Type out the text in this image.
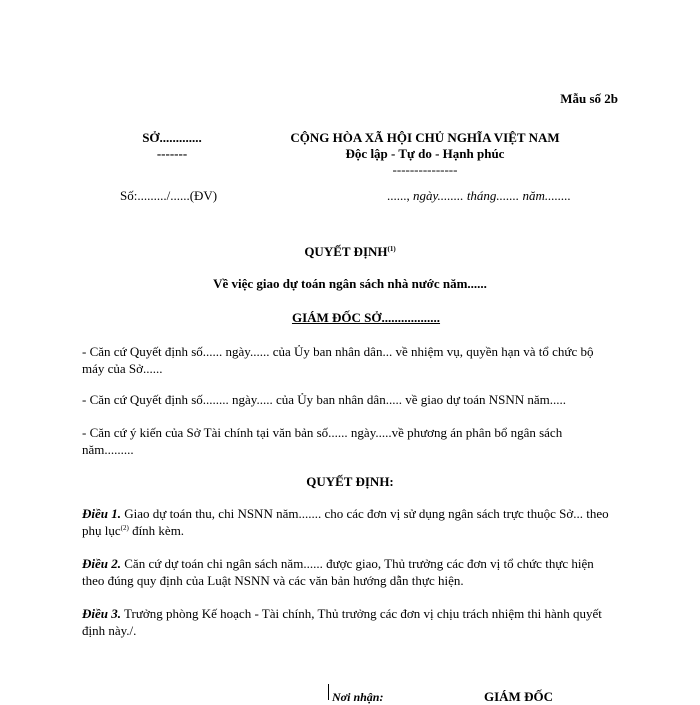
Mẫu số 2b
SỞ.............
-------
CỘNG HÒA XÃ HỘI CHỦ NGHĨA VIỆT NAM
Độc lập - Tự do - Hạnh phúc
---------------
Số:........./......(ĐV)	......, ngày........ tháng....... năm........
QUYẾT ĐỊNH$^{(1)}$
Về việc giao dự toán ngân sách nhà nước năm......
GIÁM ĐỐC SỞ..................
- Căn cứ Quyết định số...... ngày...... của Ủy ban nhân dân... về nhiệm vụ, quyền hạn và tổ chức bộ máy của Sở......
- Căn cứ Quyết định số........ ngày..... của Ủy ban nhân dân..... về giao dự toán NSNN năm.....
- Căn cứ ý kiến của Sở Tài chính tại văn bản số...... ngày.....về phương án phân bổ ngân sách năm.........
QUYẾT ĐỊNH:
Điều 1. Giao dự toán thu, chi NSNN năm....... cho các đơn vị sử dụng ngân sách trực thuộc Sở... theo phụ lục$^{(2)}$ đính kèm.
Điều 2. Căn cứ dự toán chi ngân sách năm...... được giao, Thủ trưởng các đơn vị tổ chức thực hiện theo đúng quy định của Luật NSNN và các văn bản hướng dẫn thực hiện.
Điều 3. Trưởng phòng Kế hoạch - Tài chính, Thủ trưởng các đơn vị chịu trách nhiệm thi hành quyết định này./.
Nơi nhận:	GIÁM ĐỐC
